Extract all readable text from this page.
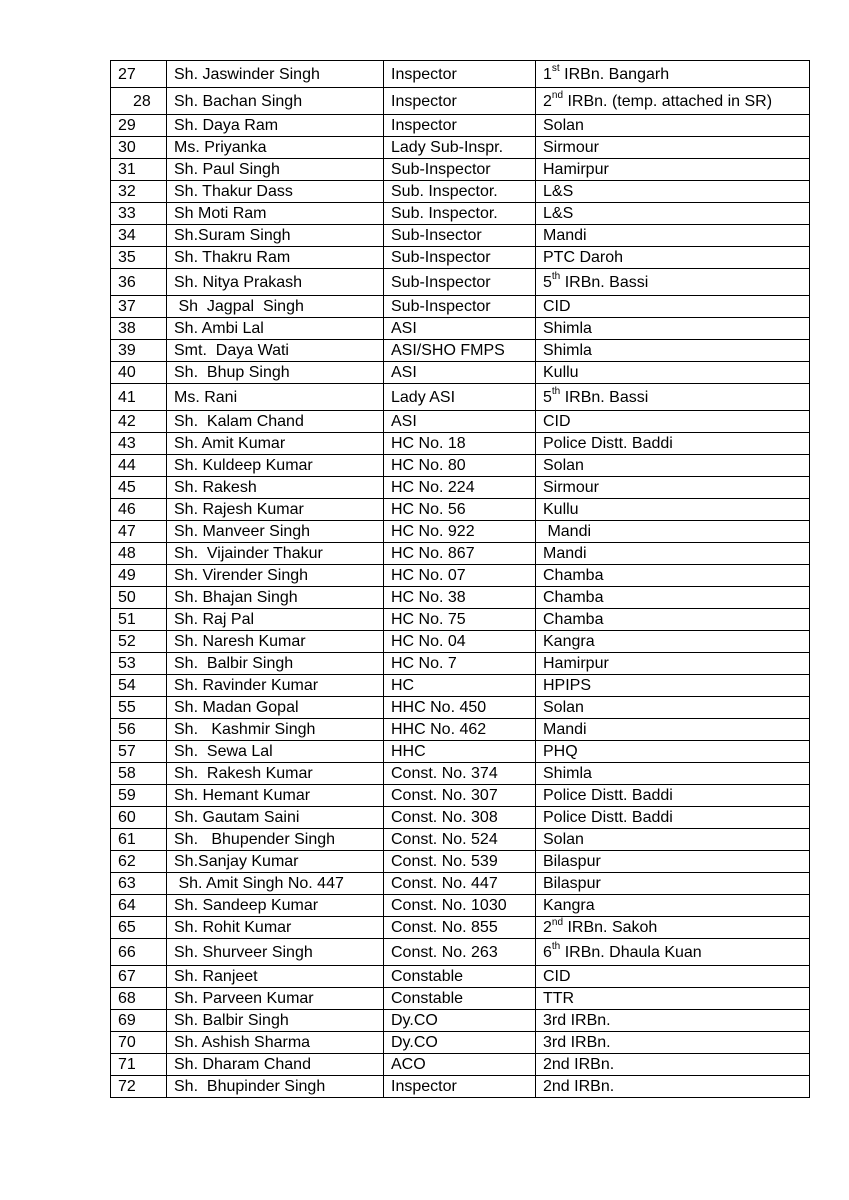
27	Sh. Jaswinder Singh	Inspector	1st IRBn. Bangarh
28	Sh. Bachan Singh	Inspector	2nd IRBn. (temp. attached in SR)
29	Sh. Daya Ram	Inspector	Solan
30	Ms. Priyanka	Lady Sub-Inspr.	Sirmour
31	Sh. Paul Singh	Sub-Inspector	Hamirpur
32	Sh. Thakur Dass	Sub. Inspector.	L&S
33	Sh Moti Ram	Sub. Inspector.	L&S
34	Sh.Suram Singh	Sub-Insector	Mandi
35	Sh. Thakru Ram	Sub-Inspector	PTC Daroh
36	Sh. Nitya Prakash	Sub-Inspector	5th IRBn. Bassi
37	Sh  Jagpal  Singh	Sub-Inspector	CID
38	Sh. Ambi Lal	ASI	Shimla
39	Smt.  Daya Wati	ASI/SHO FMPS	Shimla
40	Sh.  Bhup Singh	ASI	Kullu
41	Ms. Rani	Lady ASI	5th IRBn. Bassi
42	Sh.  Kalam Chand	ASI	CID
43	Sh. Amit Kumar	HC No. 18	Police Distt. Baddi
44	Sh. Kuldeep Kumar	HC No. 80	Solan
45	Sh. Rakesh	HC No. 224	Sirmour
46	Sh. Rajesh Kumar	HC No. 56	Kullu
47	Sh. Manveer Singh	HC No. 922	Mandi
48	Sh.  Vijainder Thakur	HC No. 867	Mandi
49	Sh. Virender Singh	HC No. 07	Chamba
50	Sh. Bhajan Singh	HC No. 38	Chamba
51	Sh. Raj Pal	HC No. 75	Chamba
52	Sh. Naresh Kumar	HC No. 04	Kangra
53	Sh.  Balbir Singh	HC No. 7	Hamirpur
54	Sh. Ravinder Kumar	HC	HPIPS
55	Sh. Madan Gopal	HHC No. 450	Solan
56	Sh.   Kashmir Singh	HHC No. 462	Mandi
57	Sh.  Sewa Lal	HHC	PHQ
58	Sh.  Rakesh Kumar	Const. No. 374	Shimla
59	Sh. Hemant Kumar	Const. No. 307	Police Distt. Baddi
60	Sh. Gautam Saini	Const. No. 308	Police Distt. Baddi
61	Sh.   Bhupender Singh	Const. No. 524	Solan
62	Sh.Sanjay Kumar	Const. No. 539	Bilaspur
63	Sh. Amit Singh No. 447	Const. No. 447	Bilaspur
64	Sh. Sandeep Kumar	Const. No. 1030	Kangra
65	Sh. Rohit Kumar	Const. No. 855	2nd IRBn. Sakoh
66	Sh. Shurveer Singh	Const. No. 263	6th IRBn. Dhaula Kuan
67	Sh. Ranjeet	Constable	CID
68	Sh. Parveen Kumar	Constable	TTR
69	Sh. Balbir Singh	Dy.CO	3rd IRBn.
70	Sh. Ashish Sharma	Dy.CO	3rd IRBn.
71	Sh. Dharam Chand	ACO	2nd IRBn.
72	Sh.  Bhupinder Singh	Inspector	2nd IRBn.
